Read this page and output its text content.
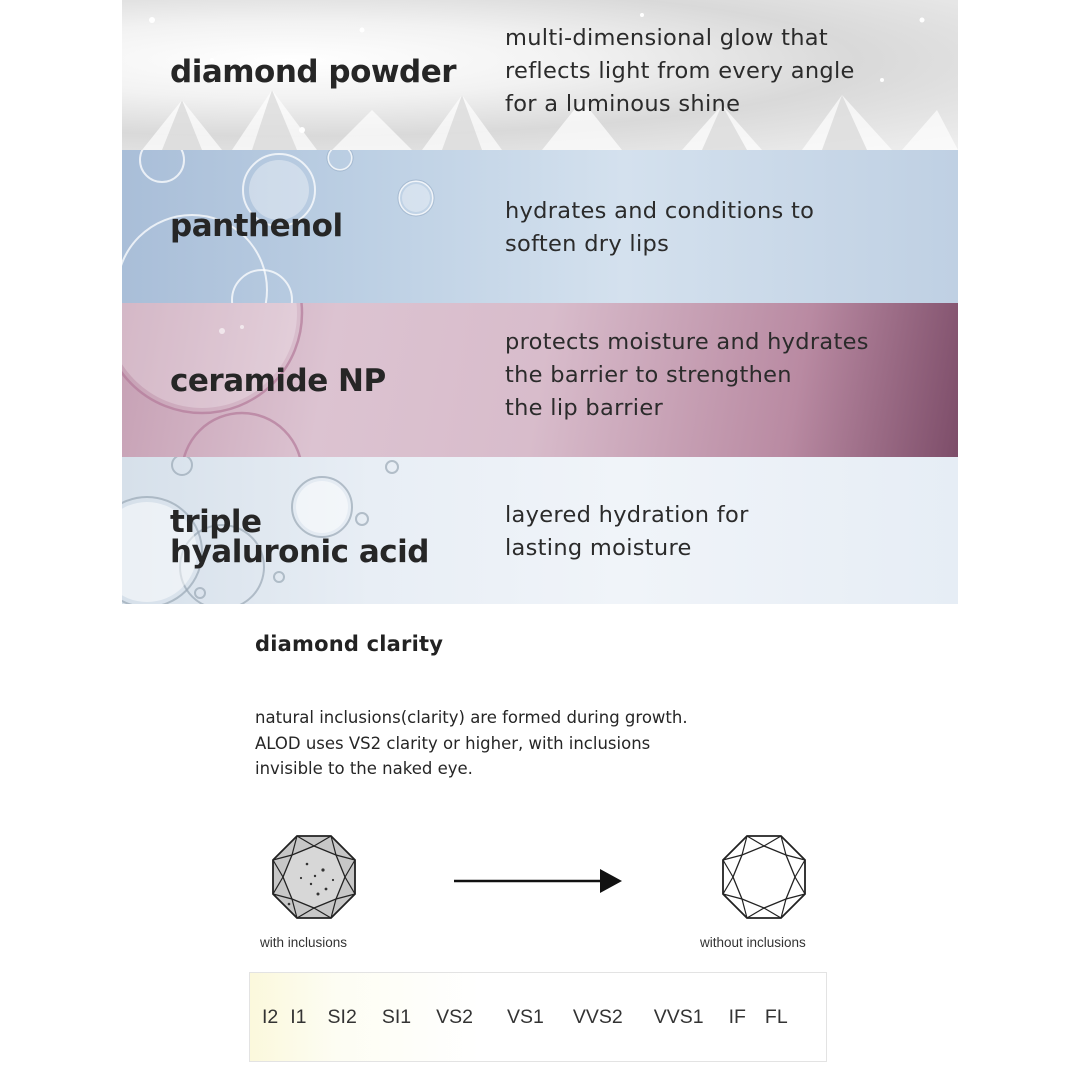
diamond powder
multi-dimensional glow that
reflects light from every angle
for a luminous shine
panthenol	hydrates and conditions to
soften dry lips
ceramide NP
protects moisture and hydrates
the barrier to strengthen
the lip barrier
triple
hyaluronic acid
layered hydration for
lasting moisture
diamond clarity
natural inclusions(clarity) are formed during growth.
ALOD uses VS2 clarity or higher, with inclusions
invisible to the naked eye.
with inclusions	without inclusions
I2 I1 SI2 SI1 VS2 VS1 VVS2 VVS1 IF FL
